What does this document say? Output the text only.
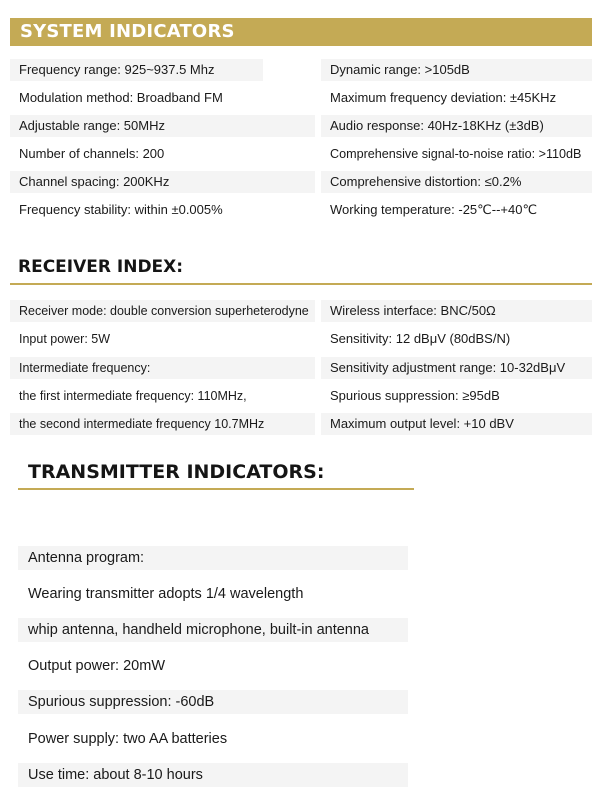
SYSTEM INDICATORS
Frequency range: 925~937.5 Mhz
Modulation method: Broadband FM
Adjustable range: 50MHz
Number of channels: 200
Channel spacing: 200KHz
Frequency stability: within ±0.005%
Dynamic range: >105dB
Maximum frequency deviation: ±45KHz
Audio response: 40Hz-18KHz (±3dB)
Comprehensive signal-to-noise ratio: >110dB
Comprehensive distortion: ≤0.2%
Working temperature: -25℃--+40℃
RECEIVER INDEX:
Receiver mode: double conversion superheterodyne
Input power: 5W
Intermediate frequency:
the first intermediate frequency: 110MHz,
the second intermediate frequency 10.7MHz
Wireless interface: BNC/50Ω
Sensitivity: 12 dBμV (80dBS/N)
Sensitivity adjustment range: 10-32dBμV
Spurious suppression: ≥95dB
Maximum output level: +10 dBV
TRANSMITTER INDICATORS:
Antenna program:
Wearing transmitter adopts 1/4 wavelength
whip antenna, handheld microphone, built-in antenna
Output power: 20mW
Spurious suppression: -60dB
Power supply: two AA batteries
Use time: about 8-10 hours
